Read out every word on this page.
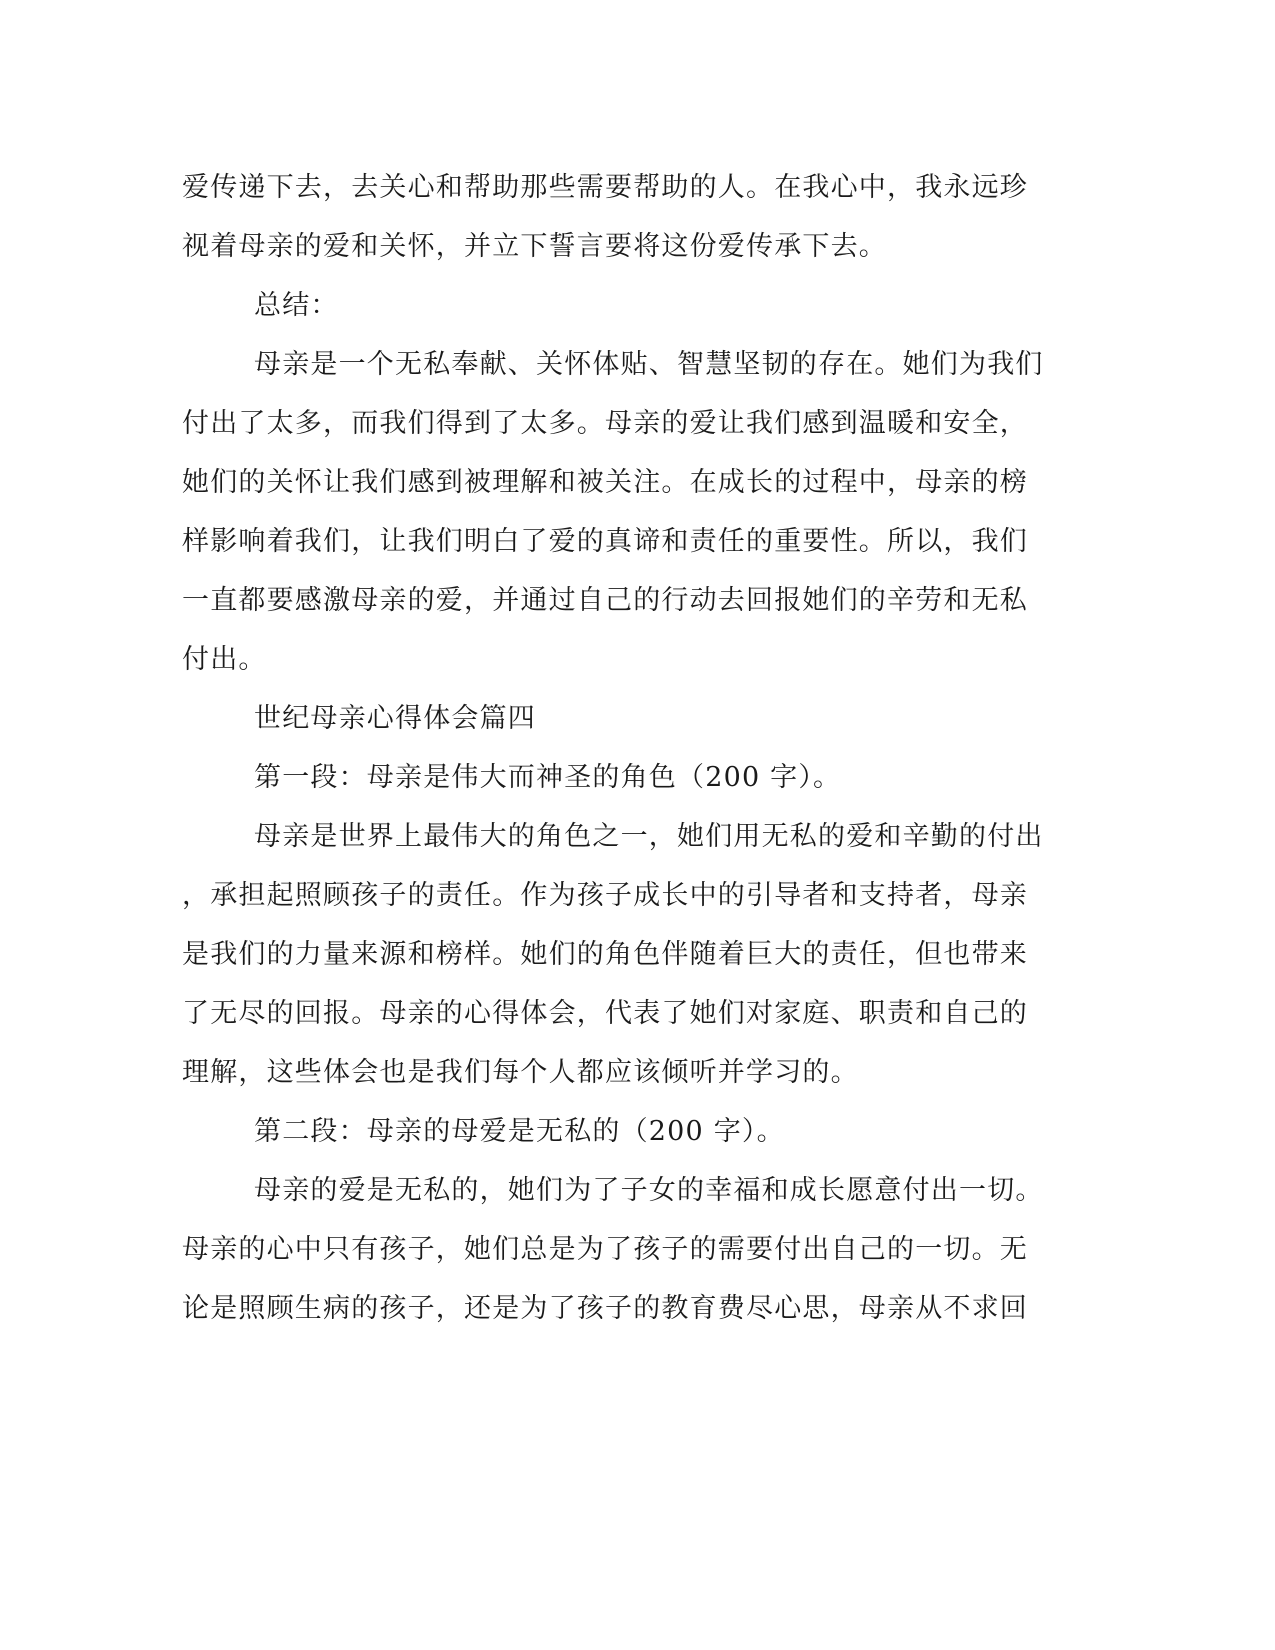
爱传递下去，去关心和帮助那些需要帮助的人。在我心中，我永远珍
视着母亲的爱和关怀，并立下誓言要将这份爱传承下去。
总结：
母亲是一个无私奉献、关怀体贴、智慧坚韧的存在。她们为我们
付出了太多，而我们得到了太多。母亲的爱让我们感到温暖和安全，
她们的关怀让我们感到被理解和被关注。在成长的过程中，母亲的榜
样影响着我们，让我们明白了爱的真谛和责任的重要性。所以，我们
一直都要感激母亲的爱，并通过自己的行动去回报她们的辛劳和无私
付出。
世纪母亲心得体会篇四
第一段：母亲是伟大而神圣的角色（200 字）。
母亲是世界上最伟大的角色之一，她们用无私的爱和辛勤的付出
，承担起照顾孩子的责任。作为孩子成长中的引导者和支持者，母亲
是我们的力量来源和榜样。她们的角色伴随着巨大的责任，但也带来
了无尽的回报。母亲的心得体会，代表了她们对家庭、职责和自己的
理解，这些体会也是我们每个人都应该倾听并学习的。
第二段：母亲的母爱是无私的（200 字）。
母亲的爱是无私的，她们为了子女的幸福和成长愿意付出一切。
母亲的心中只有孩子，她们总是为了孩子的需要付出自己的一切。无
论是照顾生病的孩子，还是为了孩子的教育费尽心思，母亲从不求回
